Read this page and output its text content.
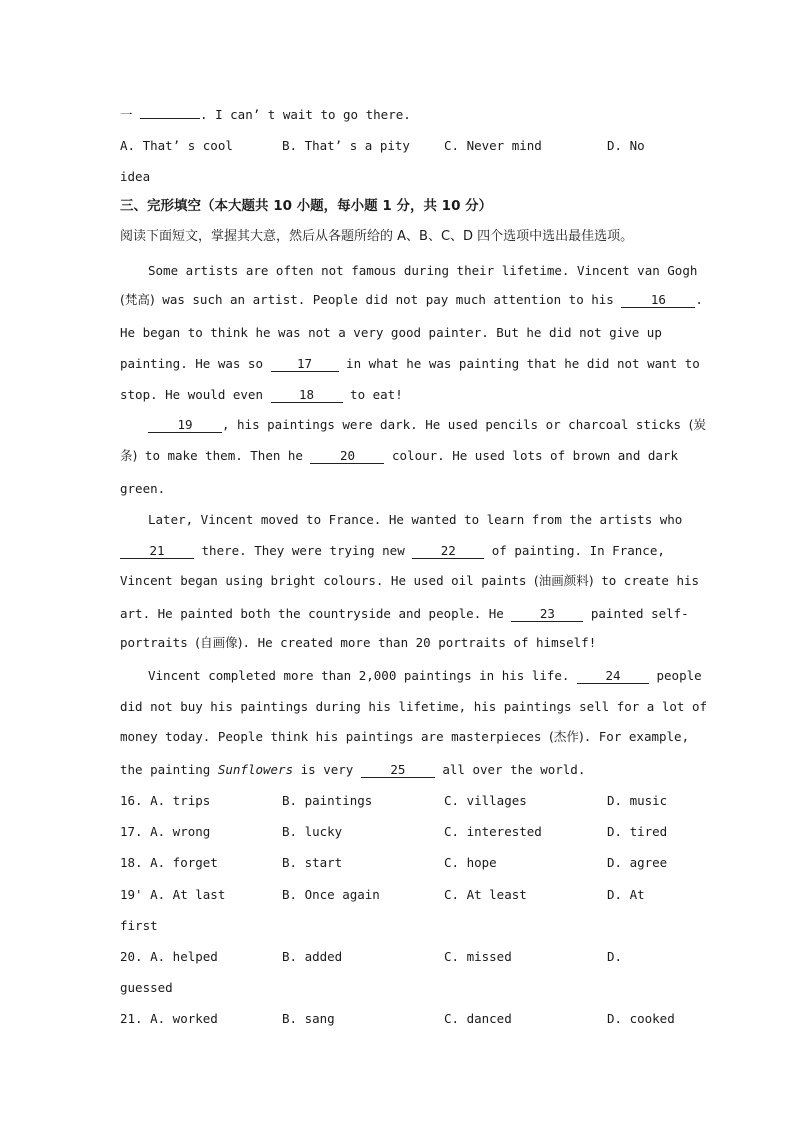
一	. I can’ t wait to go there.
A. That’ s cool	B. That’ s a pity	C. Never mind	D. No
idea
三、完形填空（本大题共 10 小题，每小题 1 分，共 10 分）
阅读下面短文，掌握其大意，然后从各题所给的 A、B、C、D 四个选项中选出最佳选项。
Some artists are often not famous during their lifetime. Vincent van Gogh
(梵高) was such an artist. People did not pay much attention to his 16 .
He began to think he was not a very good painter. But he did not give up
painting. He was so 17 in what he was painting that he did not want to
stop. He would even 18 to eat!
19 , his paintings were dark. He used pencils or charcoal sticks (炭
条) to make them. Then he 20 colour. He used lots of brown and dark
green.
Later, Vincent moved to France. He wanted to learn from the artists who
21 there. They were trying new 22 of painting. In France,
Vincent began using bright colours. He used oil paints (油画颜料) to create his
art. He painted both the countryside and people. He 23 painted self-
portraits (自画像). He created more than 20 portraits of himself!
Vincent completed more than 2,000 paintings in his life. 24 people
did not buy his paintings during his lifetime, his paintings sell for a lot of
money today. People think his paintings are masterpieces (杰作). For example,
the painting Sunflowers is very 25 all over the world.
16. A. trips	B. paintings	C. villages	D. music
17. A. wrong	B. lucky	C. interested	D. tired
18. A. forget	B. start	C. hope	D. agree
19' A. At last	B. Once again	C. At least	D. At
first
20. A. helped	B. added	C. missed	D.
guessed
21. A. worked	B. sang	C. danced	D. cooked
